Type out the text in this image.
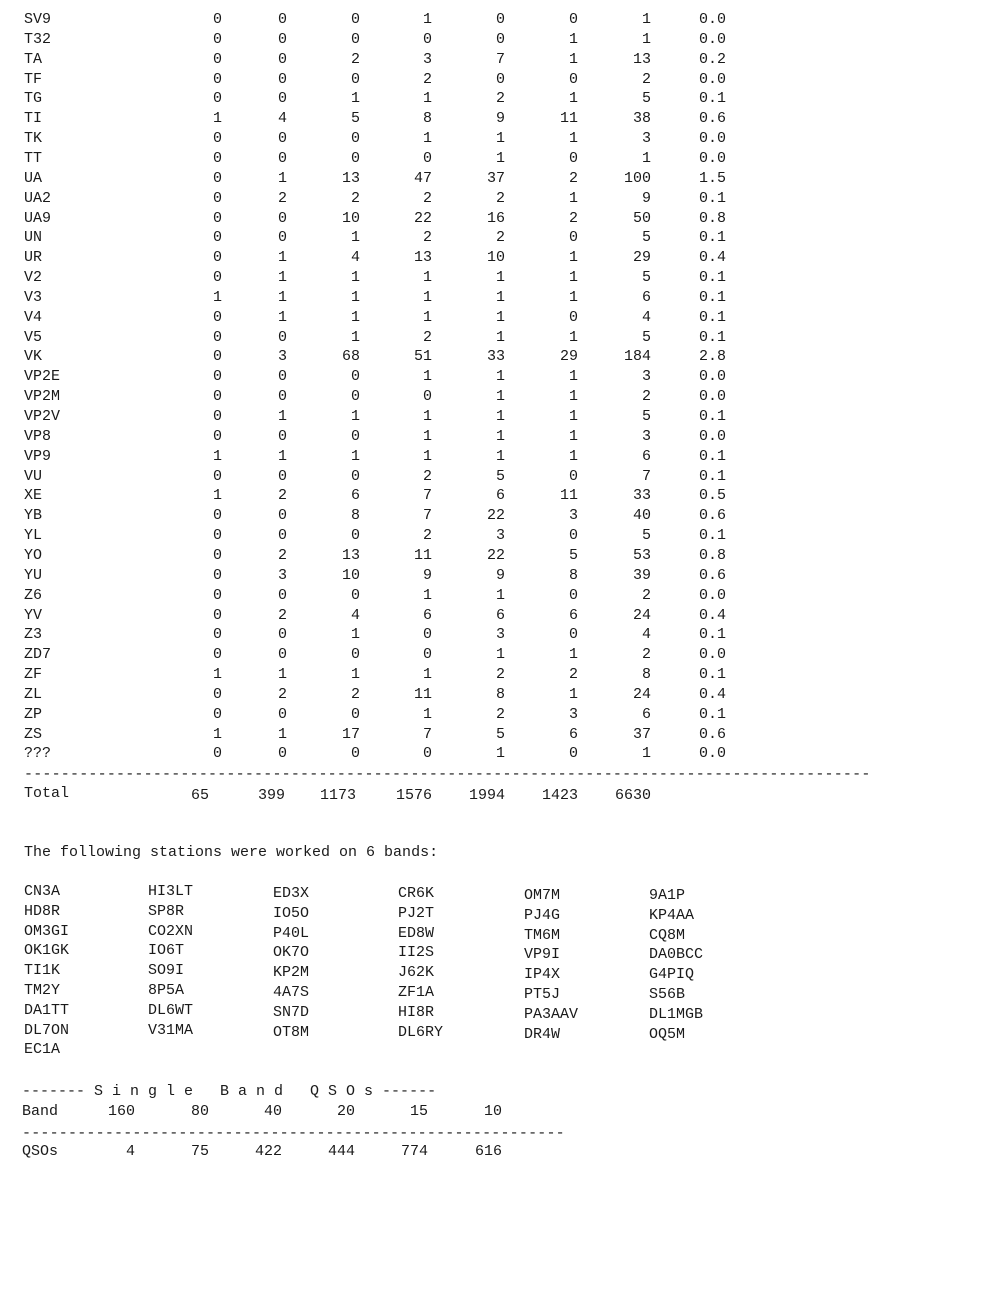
SV9	0	0	0	1	0	0	1	0.0
T32	0	0	0	0	0	1	1	0.0
TA	0	0	2	3	7	1	13	0.2
TF	0	0	0	2	0	0	2	0.0
TG	0	0	1	1	2	1	5	0.1
TI	1	4	5	8	9	11	38	0.6
TK	0	0	0	1	1	1	3	0.0
TT	0	0	0	0	1	0	1	0.0
UA	0	1	13	47	37	2	100	1.5
UA2	0	2	2	2	2	1	9	0.1
UA9	0	0	10	22	16	2	50	0.8
UN	0	0	1	2	2	0	5	0.1
UR	0	1	4	13	10	1	29	0.4
V2	0	1	1	1	1	1	5	0.1
V3	1	1	1	1	1	1	6	0.1
V4	0	1	1	1	1	0	4	0.1
V5	0	0	1	2	1	1	5	0.1
VK	0	3	68	51	33	29	184	2.8
VP2E	0	0	0	1	1	1	3	0.0
VP2M	0	0	0	0	1	1	2	0.0
VP2V	0	1	1	1	1	1	5	0.1
VP8	0	0	0	1	1	1	3	0.0
VP9	1	1	1	1	1	1	6	0.1
VU	0	0	0	2	5	0	7	0.1
XE	1	2	6	7	6	11	33	0.5
YB	0	0	8	7	22	3	40	0.6
YL	0	0	0	2	3	0	5	0.1
YO	0	2	13	11	22	5	53	0.8
YU	0	3	10	9	9	8	39	0.6
Z6	0	0	0	1	1	0	2	0.0
YV	0	2	4	6	6	6	24	0.4
Z3	0	0	1	0	3	0	4	0.1
ZD7	0	0	0	0	1	1	2	0.0
ZF	1	1	1	1	2	2	8	0.1
ZL	0	2	2	11	8	1	24	0.4
ZP	0	0	0	1	2	3	6	0.1
ZS	1	1	17	7	5	6	37	0.6
???	0	0	0	0	1	0	1	0.0
--------------------------------------------------------------------------------------------
Total	65	399	1173	1576	1994	1423	6630
The following stations were worked on 6 bands:
CN3A
HD8R
OM3GI
OK1GK
TI1K
TM2Y
DA1TT
DL7ON
EC1A
HI3LT
SP8R
CO2XN
IO6T
SO9I
8P5A
DL6WT
V31MA
ED3X
IO5O
P40L
OK7O
KP2M
4A7S
SN7D
OT8M
CR6K
PJ2T
ED8W
II2S
J62K
ZF1A
HI8R
DL6RY
OM7M
PJ4G
TM6M
VP9I
IP4X
PT5J
PA3AAV
DR4W
9A1P
KP4AA
CQ8M
DA0BCC
G4PIQ
S56B
DL1MGB
OQ5M
------- S i n g l e   B a n d   Q S O s ------
Band	160	80	40	20	15	10
-----------------------------------------------------------
QSOs	4	75	422	444	774	616
